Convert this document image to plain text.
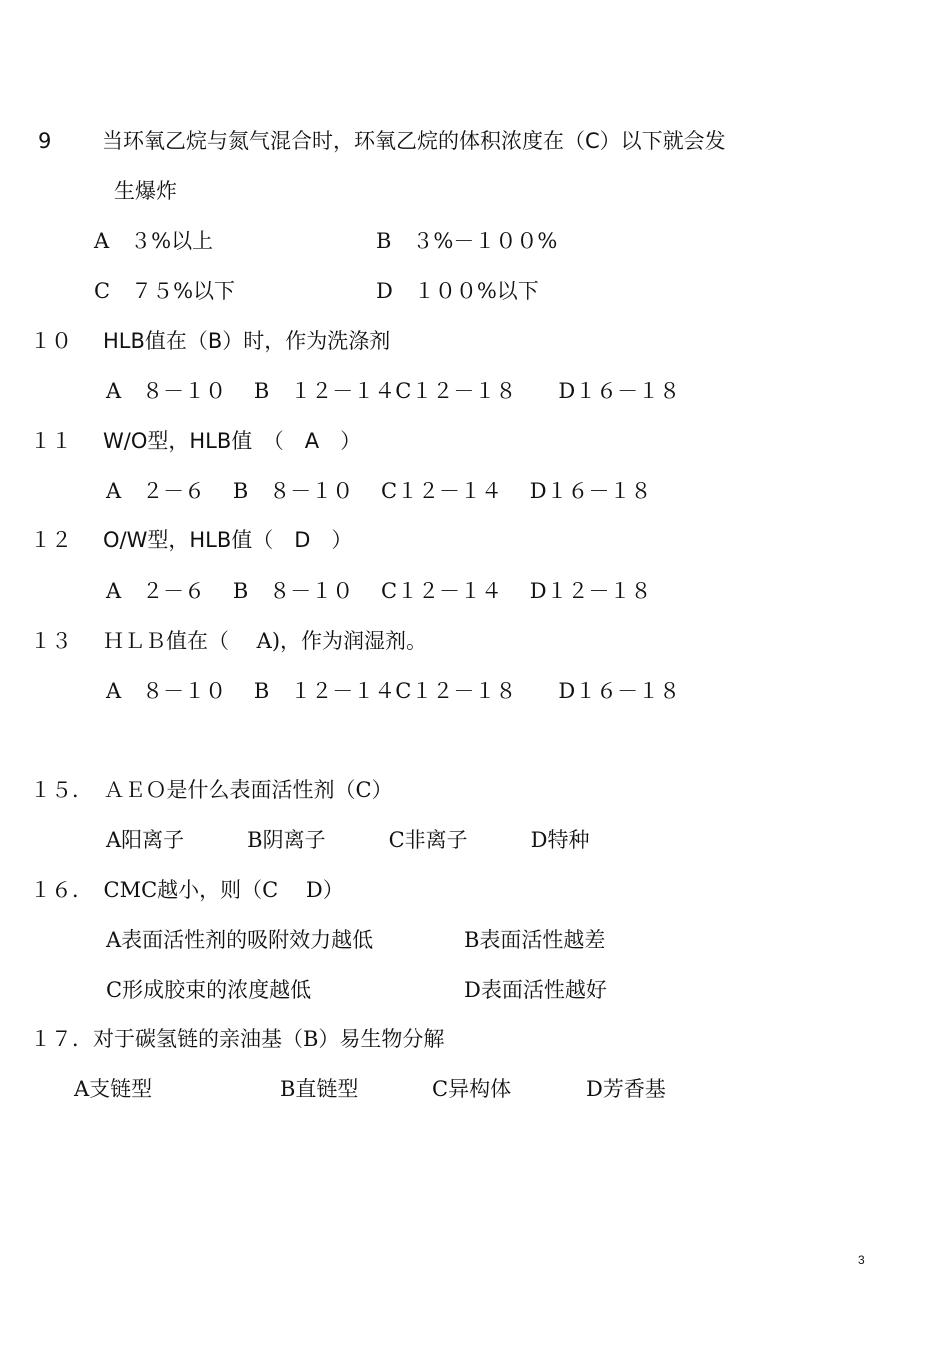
9 当环氧乙烷与氮气混合时，环氧乙烷的体积浓度在（C）以下就会发
生爆炸
A　３%以上	B　３%－１００%
C　７５%以下	D　１００%以下
１０ HLB值在（B）时，作为洗涤剂
A　８－１０　 B　１２－１４C１２－１８　　D１６－１８
１１ W/O型，HLB值　（　A　）
A　２－６　 B　８－１０　 C１２－１４　 D１６－１８
１２ O/W型，HLB值（　D　）
A　２－６　 B　８－１０　 C１２－１４　 D１２－１８
１３ ＨＬＢ值在（　 A)，作为润湿剂。
A　８－１０　 B　１２－１４C１２－１８　　D１６－１８
１５．　ＡＥＯ是什么表面活性剂（C）
A阳离子　　　B阴离子　　　C非离子　　　D特种
１６．　CMC越小，则（C　 D）
A表面活性剂的吸附效力越低	B表面活性越差
C形成胶束的浓度越低	D表面活性越好
１７．对于碳氢链的亲油基（B）易生物分解
A支链型	B直链型	C异构体	D芳香基
3
